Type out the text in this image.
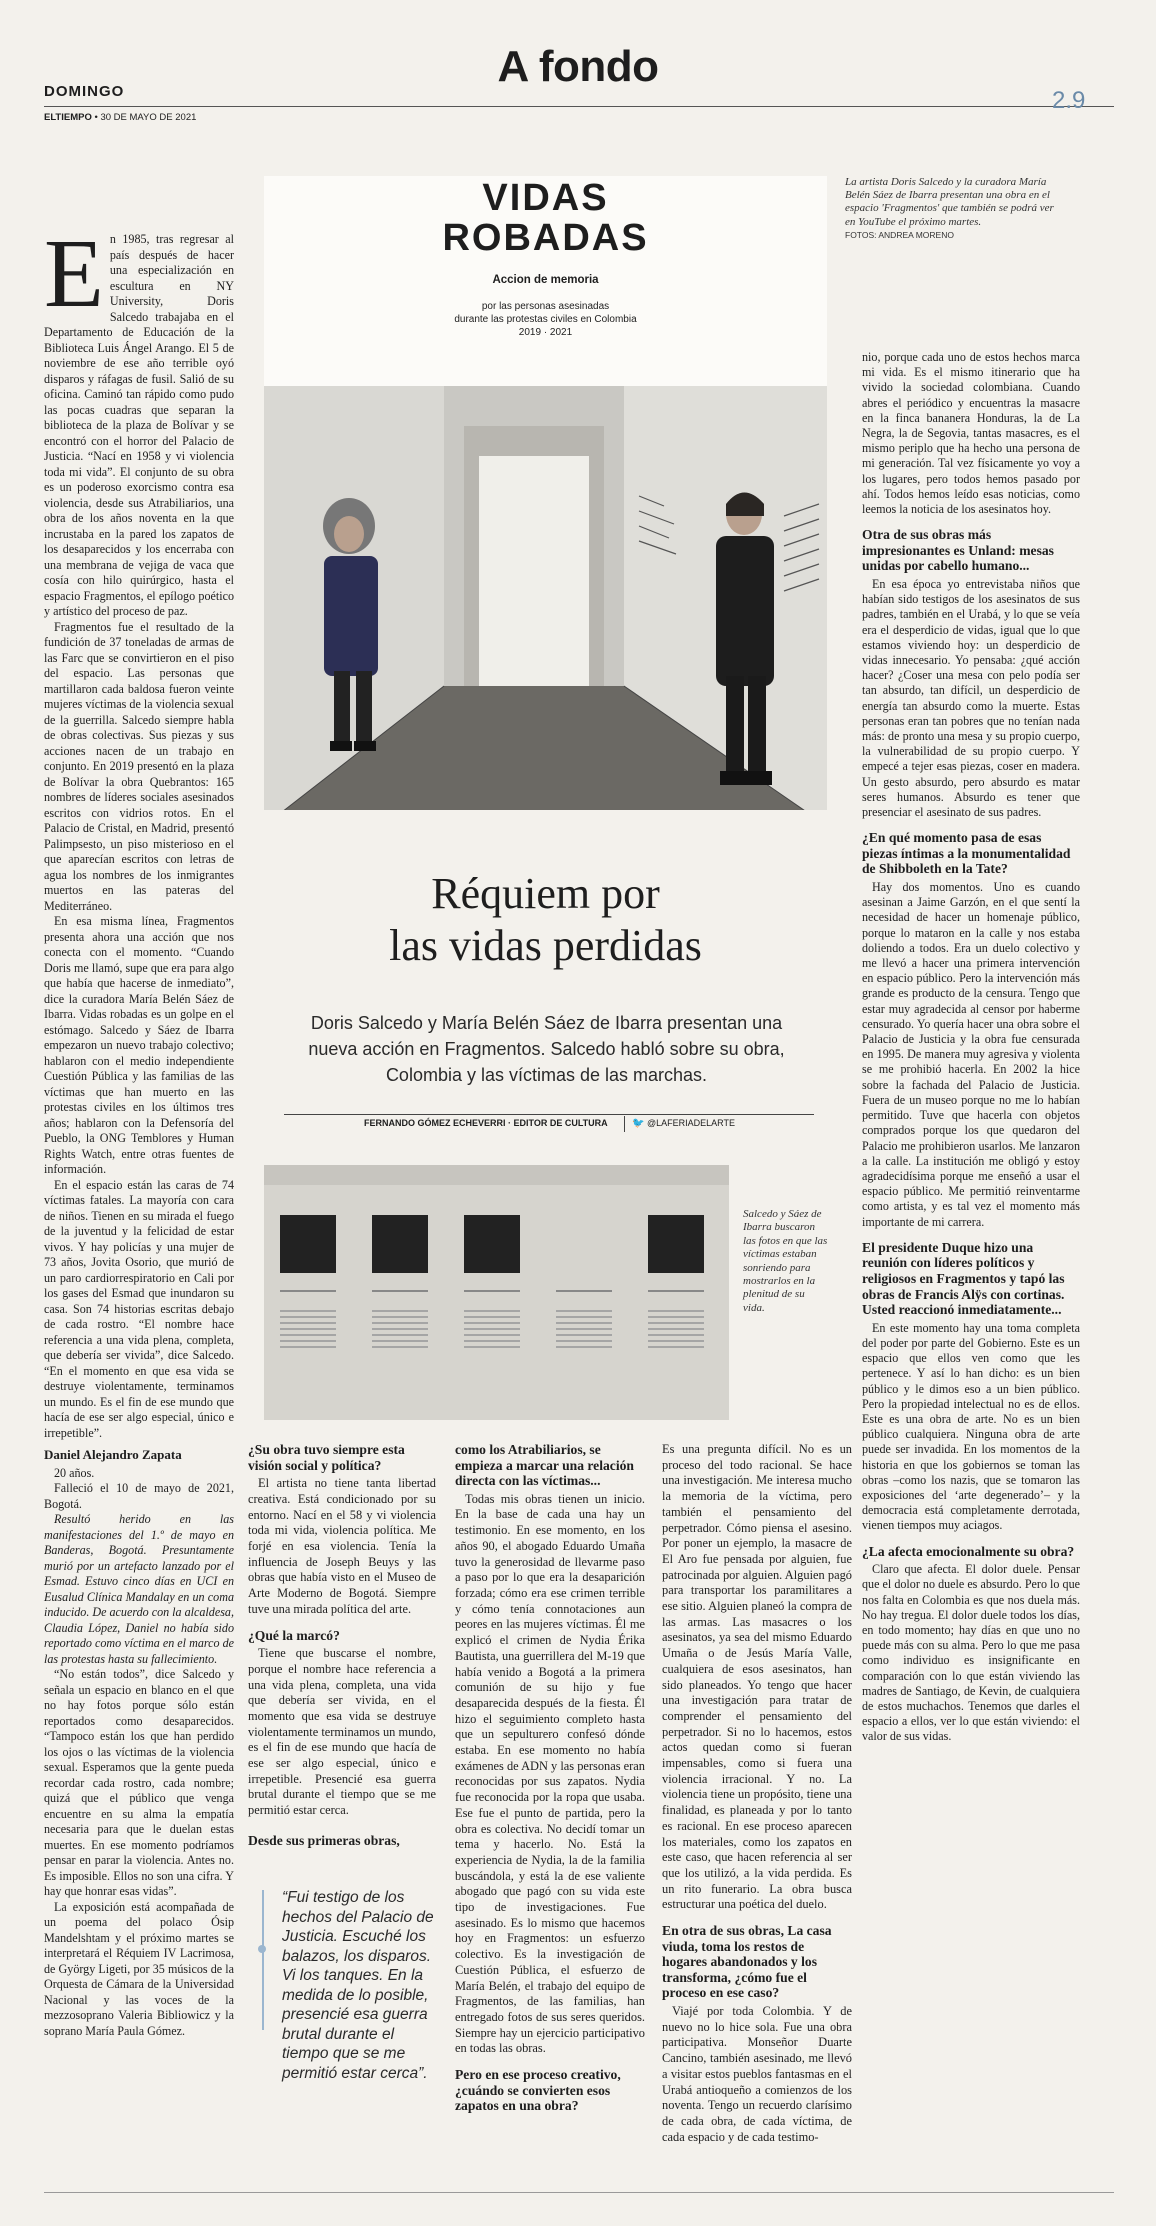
DOMINGO
A fondo
ELTIEMPO • 30 DE MAYO DE 2021
2.9
VIDAS
ROBADAS
Accion de memoria
por las personas asesinadas
durante las protestas civiles en Colombia
2019 · 2021
La artista Doris Salcedo y la curadora María Belén Sáez de Ibarra presentan una obra en el espacio 'Fragmentos' que también se podrá ver en YouTube el próximo martes.
FOTOS: ANDREA MORENO
Réquiem por
las vidas perdidas
Doris Salcedo y María Belén Sáez de Ibarra presentan una nueva acción en Fragmentos. Salcedo habló sobre su obra, Colombia y las víctimas de las marchas.
FERNANDO GÓMEZ ECHEVERRI · EDITOR DE CULTURA 🐦 @LAFERIADELARTE
Salcedo y Sáez de Ibarra buscaron las fotos en que las víctimas estaban sonriendo para mostrarlos en la plenitud de su vida.

En 1985, tras regresar al país después de hacer una especialización en escultura en NY University, Doris Salcedo trabajaba en el Departamento de Educación de la Biblioteca Luis Ángel Arango. El 5 de noviembre de ese año terrible oyó disparos y ráfagas de fusil. Salió de su oficina. Caminó tan rápido como pudo las pocas cuadras que separan la biblioteca de la plaza de Bolívar y se encontró con el horror del Palacio de Justicia. “Nací en 1958 y vi violencia toda mi vida”. El conjunto de su obra es un poderoso exorcismo contra esa violencia, desde sus Atrabiliarios, una obra de los años noventa en la que incrustaba en la pared los zapatos de los desaparecidos y los encerraba con una membrana de vejiga de vaca que cosía con hilo quirúrgico, hasta el espacio Fragmentos, el epílogo poético y artístico del proceso de paz.

Fragmentos fue el resultado de la fundición de 37 toneladas de armas de las Farc que se convirtieron en el piso del espacio. Las personas que martillaron cada baldosa fueron veinte mujeres víctimas de la violencia sexual de la guerrilla. Salcedo siempre habla de obras colectivas. Sus piezas y sus acciones nacen de un trabajo en conjunto. En 2019 presentó en la plaza de Bolívar la obra Quebrantos: 165 nombres de líderes sociales asesinados escritos con vidrios rotos. En el Palacio de Cristal, en Madrid, presentó Palimpsesto, un piso misterioso en el que aparecían escritos con letras de agua los nombres de los inmigrantes muertos en las pateras del Mediterráneo.

En esa misma línea, Fragmentos presenta ahora una acción que nos conecta con el momento. “Cuando Doris me llamó, supe que era para algo que había que hacerse de inmediato”, dice la curadora María Belén Sáez de Ibarra. Vidas robadas es un golpe en el estómago. Salcedo y Sáez de Ibarra empezaron un nuevo trabajo colectivo; hablaron con el medio independiente Cuestión Pública y las familias de las víctimas que han muerto en las protestas civiles en los últimos tres años; hablaron con la Defensoría del Pueblo, la ONG Temblores y Human Rights Watch, entre otras fuentes de información.

En el espacio están las caras de 74 víctimas fatales. La mayoría con cara de niños. Tienen en su mirada el fuego de la juventud y la felicidad de estar vivos. Y hay policías y una mujer de 73 años, Jovita Osorio, que murió de un paro cardiorrespiratorio en Cali por los gases del Esmad que inundaron su casa. Son 74 historias escritas debajo de cada rostro. “El nombre hace referencia a una vida plena, completa, que debería ser vivida”, dice Salcedo. “En el momento en que esa vida se destruye violentamente, terminamos un mundo. Es el fin de ese mundo que hacía de ese ser algo especial, único e irrepetible”.

Daniel Alejandro Zapata

20 años.

Falleció el 10 de mayo de 2021, Bogotá.

Resultó herido en las manifestaciones del 1.º de mayo en Banderas, Bogotá. Presuntamente murió por un artefacto lanzado por el Esmad. Estuvo cinco días en UCI en Eusalud Clínica Mandalay en un coma inducido. De acuerdo con la alcaldesa, Claudia López, Daniel no había sido reportado como víctima en el marco de las protestas hasta su fallecimiento.

“No están todos”, dice Salcedo y señala un espacio en blanco en el que no hay fotos porque sólo están reportados como desaparecidos. “Tampoco están los que han perdido los ojos o las víctimas de la violencia sexual. Esperamos que la gente pueda recordar cada rostro, cada nombre; quizá que el público que venga encuentre en su alma la empatía necesaria para que le duelan estas muertes. En ese momento podríamos pensar en parar la violencia. Antes no. Es imposible. Ellos no son una cifra. Y hay que honrar esas vidas”.

La exposición está acompañada de un poema del polaco Ósip Mandelshtam y el próximo martes se interpretará el Réquiem IV Lacrimosa, de György Ligeti, por 35 músicos de la Orquesta de Cámara de la Universidad Nacional y las voces de la mezzosoprano Valeria Bibliowicz y la soprano María Paula Gómez.

nio, porque cada uno de estos hechos marca mi vida. Es el mismo itinerario que ha vivido la sociedad colombiana. Cuando abres el periódico y encuentras la masacre en la finca bananera Honduras, la de La Negra, la de Segovia, tantas masacres, es el mismo periplo que ha hecho una persona de mi generación. Tal vez físicamente yo voy a los lugares, pero todos hemos pasado por ahí. Todos hemos leído esas noticias, como leemos la noticia de los asesinatos hoy.

Otra de sus obras más impresionantes es Unland: mesas unidas por cabello humano...

En esa época yo entrevistaba niños que habían sido testigos de los asesinatos de sus padres, también en el Urabá, y lo que se veía era el desperdicio de vidas, igual que lo que estamos viviendo hoy: un desperdicio de vidas innecesario. Yo pensaba: ¿qué acción hacer? ¿Coser una mesa con pelo podía ser tan absurdo, tan difícil, un desperdicio de energía tan absurdo como la muerte. Estas personas eran tan pobres que no tenían nada más: de pronto una mesa y su propio cuerpo, la vulnerabilidad de su propio cuerpo. Y empecé a tejer esas piezas, coser en madera. Un gesto absurdo, pero absurdo es matar seres humanos. Absurdo es tener que presenciar el asesinato de sus padres.

¿En qué momento pasa de esas piezas íntimas a la monumentalidad de Shibboleth en la Tate?

Hay dos momentos. Uno es cuando asesinan a Jaime Garzón, en el que sentí la necesidad de hacer un homenaje público, porque lo mataron en la calle y nos estaba doliendo a todos. Era un duelo colectivo y me llevó a hacer una primera intervención en espacio público. Pero la intervención más grande es producto de la censura. Tengo que estar muy agradecida al censor por haberme censurado. Yo quería hacer una obra sobre el Palacio de Justicia y la obra fue censurada en 1995. De manera muy agresiva y violenta se me prohibió hacerla. En 2002 la hice sobre la fachada del Palacio de Justicia. Fuera de un museo porque no me lo habían permitido. Tuve que hacerla con objetos comprados porque los que quedaron del Palacio me prohibieron usarlos. Me lanzaron a la calle. La institución me obligó y estoy agradecidísima porque me enseñó a usar el espacio público. Me permitió reinventarme como artista, y es tal vez el momento más importante de mi carrera.

El presidente Duque hizo una reunión con líderes políticos y religiosos en Fragmentos y tapó las obras de Francis Alÿs con cortinas. Usted reaccionó inmediatamente...

En este momento hay una toma completa del poder por parte del Gobierno. Este es un espacio que ellos ven como que les pertenece. Y así lo han dicho: es un bien público y le dimos eso a un bien público. Pero la propiedad intelectual no es de ellos. Este es una obra de arte. No es un bien público cualquiera. Ninguna obra de arte puede ser invadida. En los momentos de la historia en que los gobiernos se toman las obras –como los nazis, que se tomaron las exposiciones del ‘arte degenerado’– y la democracia está completamente derrotada, vienen tiempos muy aciagos.

¿La afecta emocionalmente su obra?

Claro que afecta. El dolor duele. Pensar que el dolor no duele es absurdo. Pero lo que nos falta en Colombia es que nos duela más. No hay tregua. El dolor duele todos los días, en todo momento; hay días en que uno no puede más con su alma. Pero lo que me pasa como individuo es insignificante en comparación con lo que están viviendo las madres de Santiago, de Kevin, de cualquiera de estos muchachos. Tenemos que darles el espacio a ellos, ver lo que están viviendo: el valor de sus vidas.

¿Su obra tuvo siempre esta visión social y política?

El artista no tiene tanta libertad creativa. Está condicionado por su entorno. Nací en el 58 y vi violencia toda mi vida, violencia política. Me forjé en esa violencia. Tenía la influencia de Joseph Beuys y las obras que había visto en el Museo de Arte Moderno de Bogotá. Siempre tuve una mirada política del arte.

¿Qué la marcó?

Tiene que buscarse el nombre, porque el nombre hace referencia a una vida plena, completa, una vida que debería ser vivida, en el momento que esa vida se destruye violentamente terminamos un mundo, es el fin de ese mundo que hacía de ese ser algo especial, único e irrepetible. Presencié esa guerra brutal durante el tiempo que se me permitió estar cerca.

Desde sus primeras obras,
“Fui testigo de los hechos del Palacio de Justicia. Escuché los balazos, los disparos. Vi los tanques. En la medida de lo posible, presencié esa guerra brutal durante el tiempo que se me permitió estar cerca”.
como los Atrabiliarios, se empieza a marcar una relación directa con las víctimas...

Todas mis obras tienen un inicio. En la base de cada una hay un testimonio. En ese momento, en los años 90, el abogado Eduardo Umaña tuvo la generosidad de llevarme paso a paso por lo que era la desaparición forzada; cómo era ese crimen terrible y cómo tenía connotaciones aun peores en las mujeres víctimas. Él me explicó el crimen de Nydia Érika Bautista, una guerrillera del M-19 que había venido a Bogotá a la primera comunión de su hijo y fue desaparecida después de la fiesta. Él hizo el seguimiento completo hasta que un sepulturero confesó dónde estaba. En ese momento no había exámenes de ADN y las personas eran reconocidas por sus zapatos. Nydia fue reconocida por la ropa que usaba. Ese fue el punto de partida, pero la obra es colectiva. No decidí tomar un tema y hacerlo. No. Está la experiencia de Nydia, la de la familia buscándola, y está la de ese valiente abogado que pagó con su vida este tipo de investigaciones. Fue asesinado. Es lo mismo que hacemos hoy en Fragmentos: un esfuerzo colectivo. Es la investigación de Cuestión Pública, el esfuerzo de María Belén, el trabajo del equipo de Fragmentos, de las familias, han entregado fotos de sus seres queridos. Siempre hay un ejercicio participativo en todas las obras.

Pero en ese proceso creativo, ¿cuándo se convierten esos zapatos en una obra?

Es una pregunta difícil. No es un proceso del todo racional. Se hace una investigación. Me interesa mucho la memoria de la víctima, pero también el pensamiento del perpetrador. Cómo piensa el asesino. Por poner un ejemplo, la masacre de El Aro fue pensada por alguien, fue patrocinada por alguien. Alguien pagó para transportar los paramilitares a ese sitio. Alguien planeó la compra de las armas. Las masacres o los asesinatos, ya sea del mismo Eduardo Umaña o de Jesús María Valle, cualquiera de esos asesinatos, han sido planeados. Yo tengo que hacer una investigación para tratar de comprender el pensamiento del perpetrador. Si no lo hacemos, estos actos quedan como si fueran impensables, como si fuera una violencia irracional. Y no. La violencia tiene un propósito, tiene una finalidad, es planeada y por lo tanto es racional. En ese proceso aparecen los materiales, como los zapatos en este caso, que hacen referencia al ser que los utilizó, a la vida perdida. Es un rito funerario. La obra busca estructurar una poética del duelo.

En otra de sus obras, La casa viuda, toma los restos de hogares abandonados y los transforma, ¿cómo fue el proceso en ese caso?

Viajé por toda Colombia. Y de nuevo no lo hice sola. Fue una obra participativa. Monseñor Duarte Cancino, también asesinado, me llevó a visitar estos pueblos fantasmas en el Urabá antioqueño a comienzos de los noventa. Tengo un recuerdo clarísimo de cada obra, de cada víctima, de cada espacio y de cada testimo-
